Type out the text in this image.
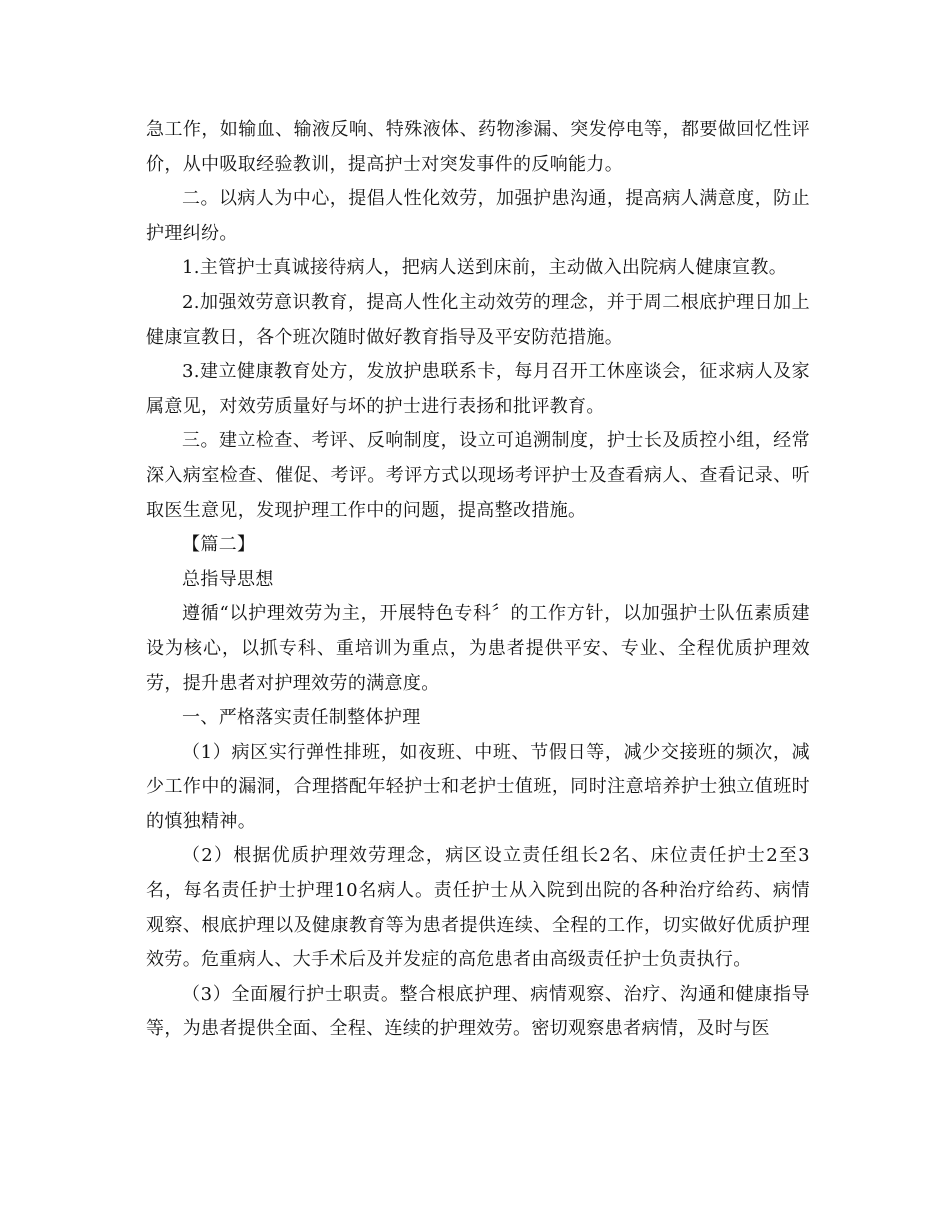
急工作，如输血、输液反响、特殊液体、药物渗漏、突发停电等，都要做回忆性评价，从中吸取经验教训，提高护士对突发事件的反响能力。

二。以病人为中心，提倡人性化效劳，加强护患沟通，提高病人满意度，防止护理纠纷。

1.主管护士真诚接待病人，把病人送到床前，主动做入出院病人健康宣教。

2.加强效劳意识教育，提高人性化主动效劳的理念，并于周二根底护理日加上健康宣教日，各个班次随时做好教育指导及平安防范措施。

3.建立健康教育处方，发放护患联系卡，每月召开工休座谈会，征求病人及家属意见，对效劳质量好与坏的护士进行表扬和批评教育。

三。建立检查、考评、反响制度，设立可追溯制度，护士长及质控小组，经常深入病室检查、催促、考评。考评方式以现场考评护士及查看病人、查看记录、听取医生意见，发现护理工作中的问题，提高整改措施。

【篇二】

总指导思想

遵循“以护理效劳为主，开展特色专科〞的工作方针，以加强护士队伍素质建设为核心，以抓专科、重培训为重点，为患者提供平安、专业、全程优质护理效劳，提升患者对护理效劳的满意度。

一、严格落实责任制整体护理

（1）病区实行弹性排班，如夜班、中班、节假日等，减少交接班的频次，减少工作中的漏洞，合理搭配年轻护士和老护士值班，同时注意培养护士独立值班时的慎独精神。

（2）根据优质护理效劳理念，病区设立责任组长2名、床位责任护士2至3名，每名责任护士护理10名病人。责任护士从入院到出院的各种治疗给药、病情观察、根底护理以及健康教育等为患者提供连续、全程的工作，切实做好优质护理效劳。危重病人、大手术后及并发症的高危患者由高级责任护士负责执行。

（3）全面履行护士职责。整合根底护理、病情观察、治疗、沟通和健康指导等，为患者提供全面、全程、连续的护理效劳。密切观察患者病情，及时与医
